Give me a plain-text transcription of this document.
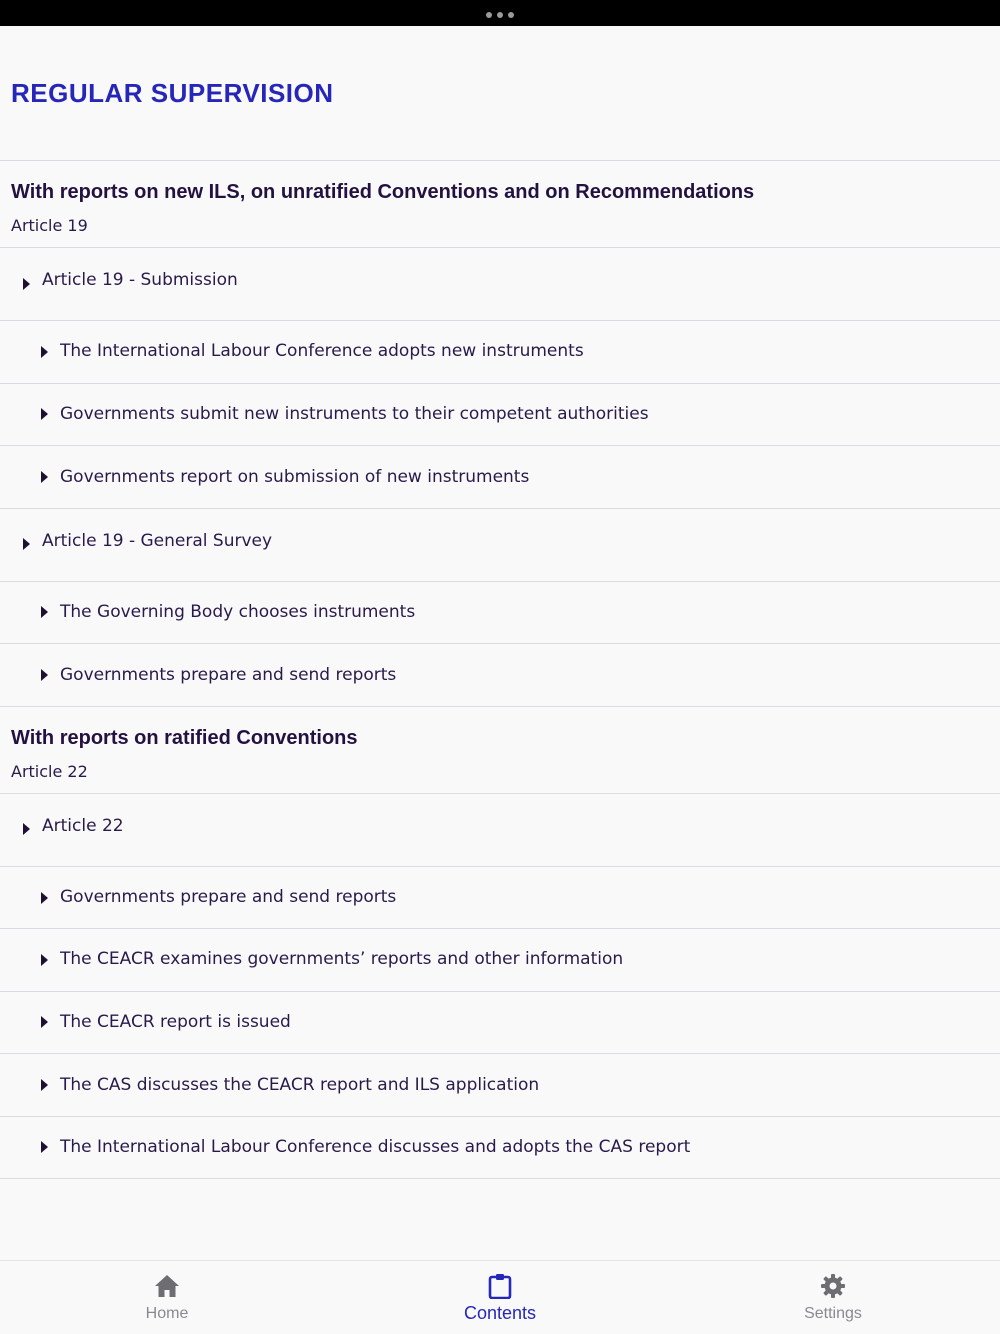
REGULAR SUPERVISION
With reports on new ILS, on unratified Conventions and on Recommendations
Article 19
Article 19 - Submission
The International Labour Conference adopts new instruments
Governments submit new instruments to their competent authorities
Governments report on submission of new instruments
Article 19 - General Survey
The Governing Body chooses instruments
Governments prepare and send reports
With reports on ratified Conventions
Article 22
Article 22
Governments prepare and send reports
The CEACR examines governments’ reports and other information
The CEACR report is issued
The CAS discusses the CEACR report and ILS application
The International Labour Conference discusses and adopts the CAS report
Home	Contents	Settings
